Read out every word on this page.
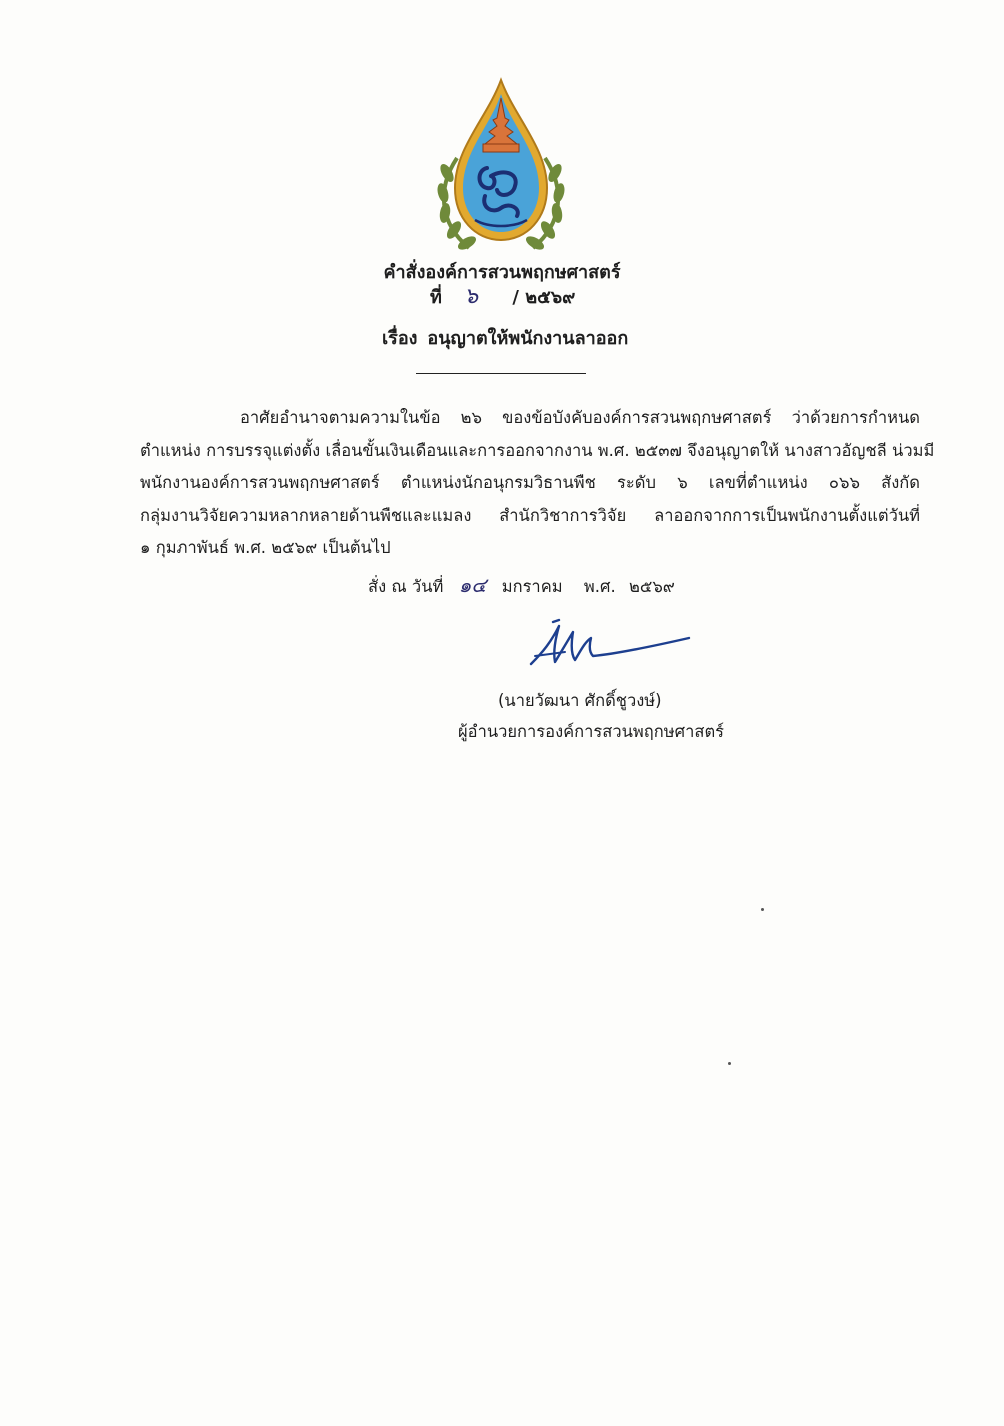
คำสั่งองค์การสวนพฤกษศาสตร์
ที่ ๖ / ๒๕๖๙
เรื่อง อนุญาตให้พนักงานลาออก
อาศัยอำนาจตามความในข้อ ๒๖ ของข้อบังคับองค์การสวนพฤกษศาสตร์ ว่าด้วยการกำหนด
ตำแหน่ง การบรรจุแต่งตั้ง เลื่อนขั้นเงินเดือนและการออกจากงาน พ.ศ. ๒๕๓๗ จึงอนุญาตให้ นางสาวอัญชลี น่วมมี
พนักงานองค์การสวนพฤกษศาสตร์ ตำแหน่งนักอนุกรมวิธานพืช ระดับ ๖ เลขที่ตำแหน่ง ๐๖๖ สังกัด
กลุ่มงานวิจัยความหลากหลายด้านพืชและแมลง สำนักวิชาการวิจัย ลาออกจากการเป็นพนักงานตั้งแต่วันที่
๑ กุมภาพันธ์ พ.ศ. ๒๕๖๙ เป็นต้นไป
สั่ง ณ วันที่ ๑๔ มกราคม พ.ศ. ๒๕๖๙
(นายวัฒนา ศักดิ์ชูวงษ์)
ผู้อำนวยการองค์การสวนพฤกษศาสตร์
